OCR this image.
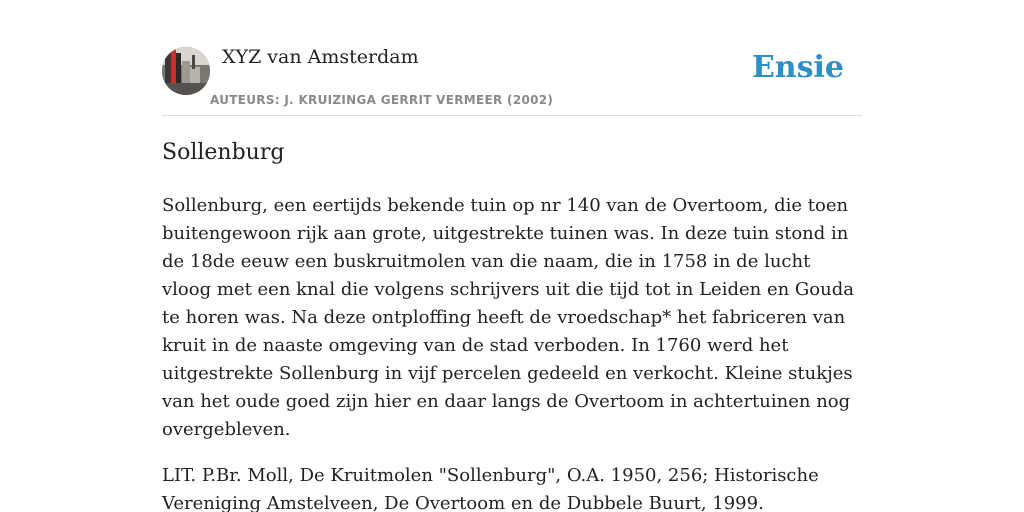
XYZ van Amsterdam
AUTEURS: J. KRUIZINGA GERRIT VERMEER (2002)
Ensie
Sollenburg

Sollenburg, een eertijds bekende tuin op nr 140 van de Overtoom, die toen buitengewoon rijk aan grote, uitgestrekte tuinen was. In deze tuin stond in de 18de eeuw een buskruitmolen van die naam, die in 1758 in de lucht vloog met een knal die volgens schrijvers uit die tijd tot in Leiden en Gouda te horen was. Na deze ontploffing heeft de vroedschap* het fabriceren van kruit in de naaste omgeving van de stad verboden. In 1760 werd het uitgestrekte Sollenburg in vijf percelen gedeeld en verkocht. Kleine stukjes van het oude goed zijn hier en daar langs de Overtoom in achtertuinen nog overgebleven.

LIT. P.Br. Moll, De Kruitmolen "Sollenburg", O.A. 1950, 256; Historische Vereniging Amstelveen, De Overtoom en de Dubbele Buurt, 1999.
